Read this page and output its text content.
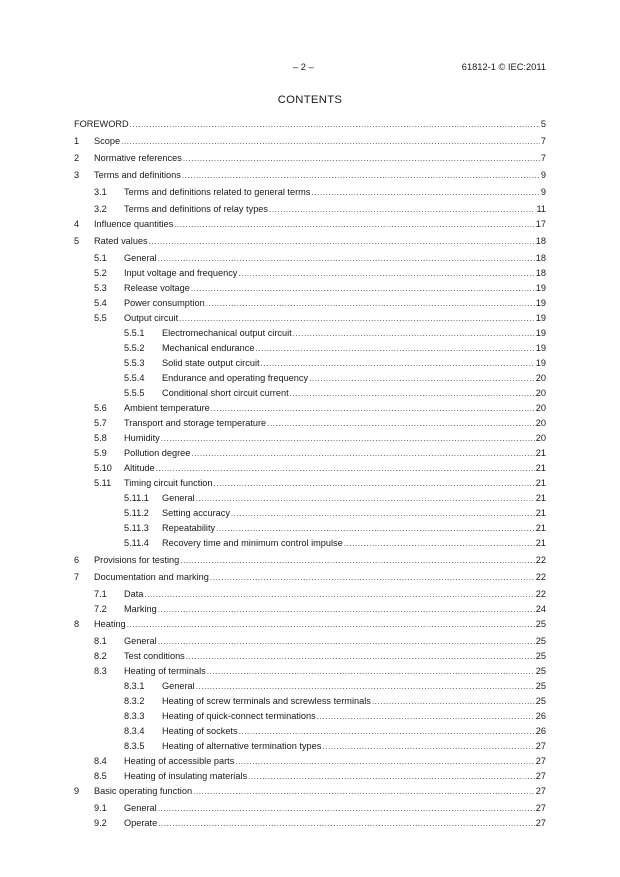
– 2 –	61812-1 © IEC:2011
CONTENTS
FOREWORD .....	5
1	Scope .....	7
2	Normative references .....	7
3	Terms and definitions .....	9
3.1	Terms and definitions related to general terms .....	9
3.2	Terms and definitions of relay types .....	11
4	Influence quantities .....	17
5	Rated values .....	18
5.1	General .....	18
5.2	Input voltage and frequency .....	18
5.3	Release voltage .....	19
5.4	Power consumption .....	19
5.5	Output circuit .....	19
5.5.1	Electromechanical output circuit .....	19
5.5.2	Mechanical endurance .....	19
5.5.3	Solid state output circuit .....	19
5.5.4	Endurance and operating frequency .....	20
5.5.5	Conditional short circuit current .....	20
5.6	Ambient temperature .....	20
5.7	Transport and storage temperature .....	20
5.8	Humidity .....	20
5.9	Pollution degree .....	21
5.10	Altitude .....	21
5.11	Timing circuit function .....	21
5.11.1	General .....	21
5.11.2	Setting accuracy .....	21
5.11.3	Repeatability .....	21
5.11.4	Recovery time and minimum control impulse .....	21
6	Provisions for testing .....	22
7	Documentation and marking .....	22
7.1	Data .....	22
7.2	Marking .....	24
8	Heating .....	25
8.1	General .....	25
8.2	Test conditions .....	25
8.3	Heating of terminals .....	25
8.3.1	General .....	25
8.3.2	Heating of screw terminals and screwless terminals .....	25
8.3.3	Heating of quick-connect terminations .....	26
8.3.4	Heating of sockets .....	26
8.3.5	Heating of alternative termination types .....	27
8.4	Heating of accessible parts .....	27
8.5	Heating of insulating materials .....	27
9	Basic operating function .....	27
9.1	General .....	27
9.2	Operate .....	27
